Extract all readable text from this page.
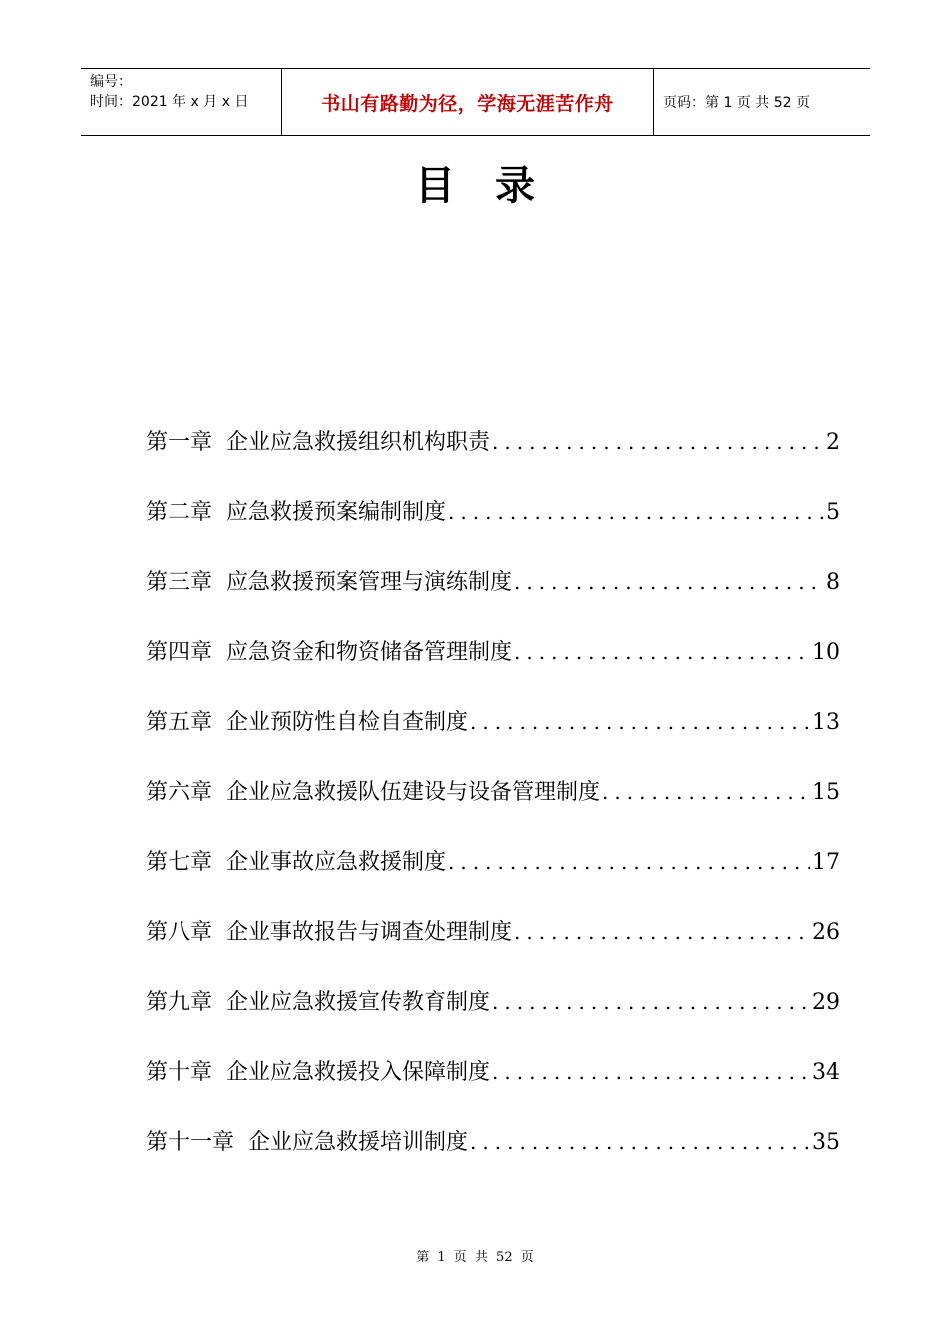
编号：
时间：2021 年 x 月 x 日	书山有路勤为径，学海无涯苦作舟	页码：第 1 页 共 52 页
目录
第一章 企业应急救援组织机构职责 .....	2
第二章 应急救援预案编制制度 .....	5
第三章 应急救援预案管理与演练制度 .....	8
第四章 应急资金和物资储备管理制度 .....	10
第五章 企业预防性自检自查制度 .....	13
第六章 企业应急救援队伍建设与设备管理制度 .....	15
第七章 企业事故应急救援制度 .....	17
第八章 企业事故报告与调查处理制度 .....	26
第九章 企业应急救援宣传教育制度 .....	29
第十章 企业应急救援投入保障制度 .....	34
第十一章 企业应急救援培训制度 .....	35
第 1 页 共 52 页
